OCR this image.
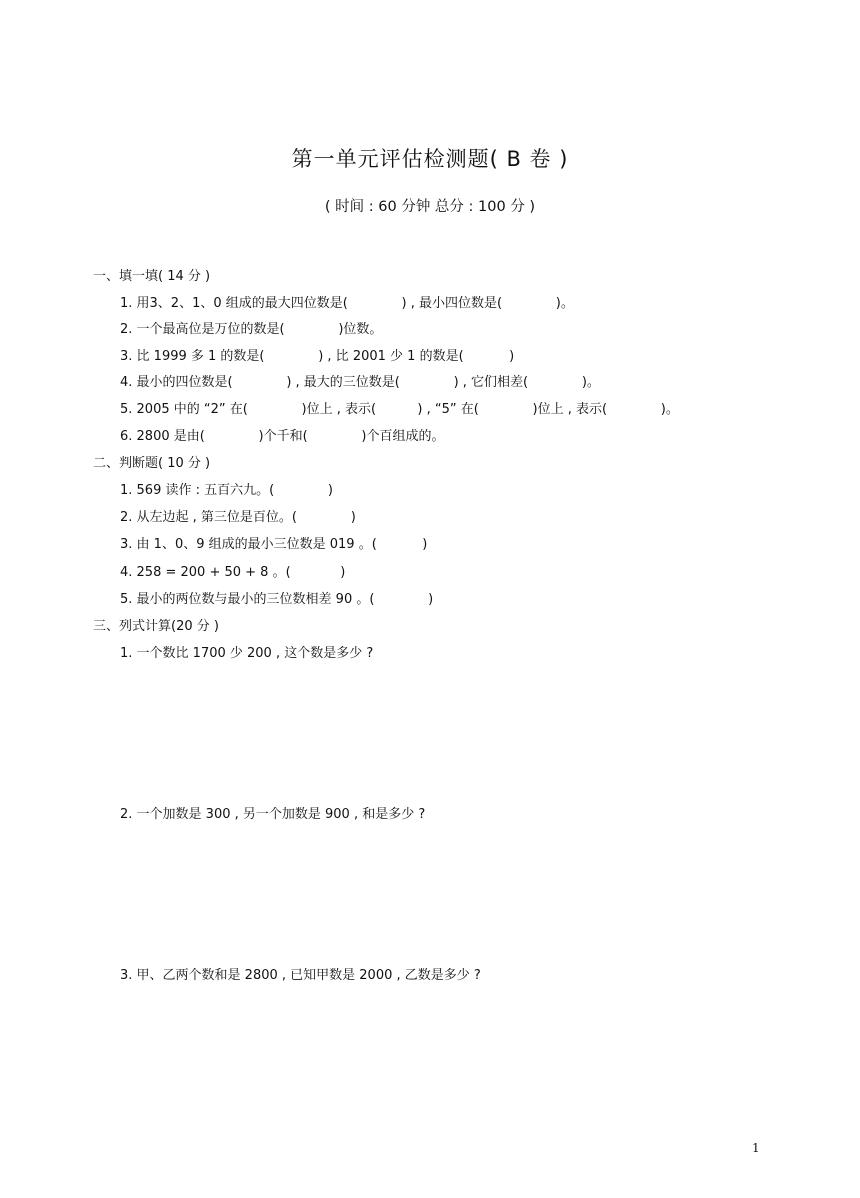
第一单元评估检测题( B 卷 )
( 时间 : 60 分钟 总分 : 100 分 )
一、填一填( 14 分 )
1. 用3、2、1、0 组成的最大四位数是(             ) , 最小四位数是(             )。
2. 一个最高位是万位的数是(             )位数。
3. 比 1999 多 1 的数是(             ) , 比 2001 少 1 的数是(           )
4. 最小的四位数是(             ) , 最大的三位数是(             ) , 它们相差(             )。
5. 2005 中的 “2” 在(             )位上 , 表示(          ) , “5” 在(             )位上 , 表示(             )。
6. 2800 是由(             )个千和(             )个百组成的。
二、判断题( 10 分 )
1. 569 读作 : 五百六九。(             )
2. 从左边起 , 第三位是百位。(             )
3. 由 1、0、9 组成的最小三位数是 019 。(           )
4. 258 = 200 + 50 + 8 。(            )
5. 最小的两位数与最小的三位数相差 90 。(             )
三、列式计算(20 分 )
1. 一个数比 1700 少 200 , 这个数是多少 ?
2. 一个加数是 300 , 另一个加数是 900 , 和是多少 ?
3. 甲、乙两个数和是 2800 , 已知甲数是 2000 , 乙数是多少 ?
1
